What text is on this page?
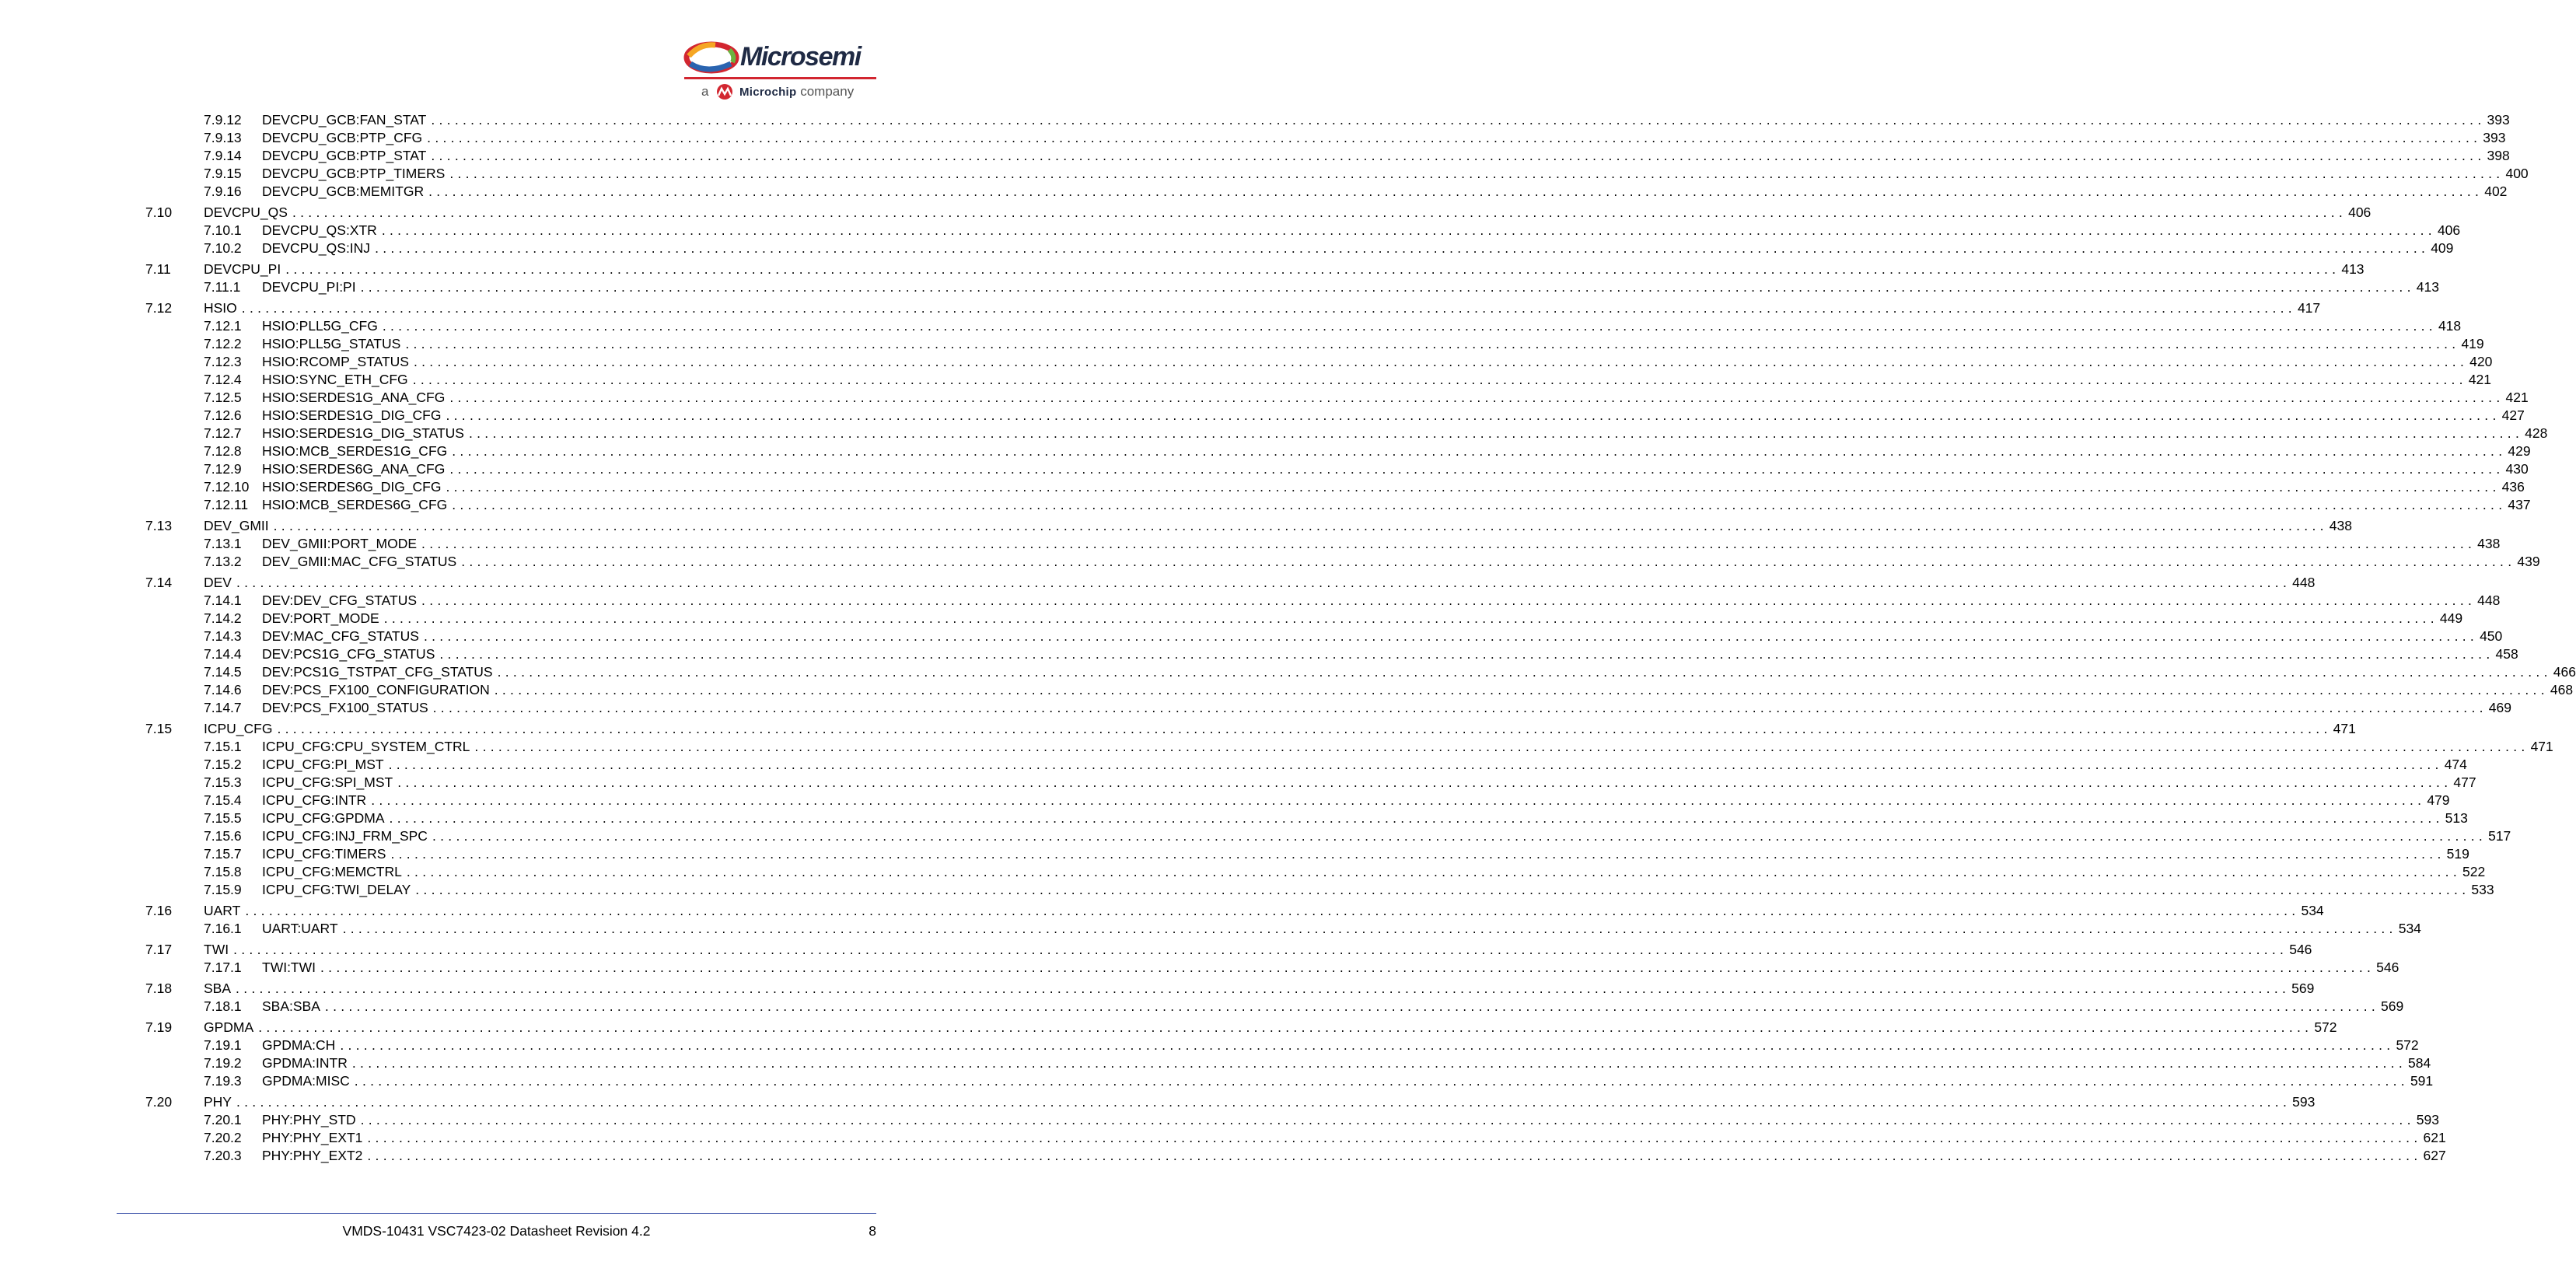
Microsemi
a	Microchip company
7.9.12 DEVCPU_GCB:FAN_STAT .................................................................................................................................................................................................................................................................... 393
7.9.13 DEVCPU_GCB:PTP_CFG .................................................................................................................................................................................................................................................................... 393
7.9.14 DEVCPU_GCB:PTP_STAT .................................................................................................................................................................................................................................................................... 398
7.9.15 DEVCPU_GCB:PTP_TIMERS .................................................................................................................................................................................................................................................................... 400
7.9.16 DEVCPU_GCB:MEMITGR .................................................................................................................................................................................................................................................................... 402
7.10 DEVCPU_QS .................................................................................................................................................................................................................................................................... 406
7.10.1 DEVCPU_QS:XTR .................................................................................................................................................................................................................................................................... 406
7.10.2 DEVCPU_QS:INJ .................................................................................................................................................................................................................................................................... 409
7.11 DEVCPU_PI .................................................................................................................................................................................................................................................................... 413
7.11.1 DEVCPU_PI:PI .................................................................................................................................................................................................................................................................... 413
7.12 HSIO .................................................................................................................................................................................................................................................................... 417
7.12.1 HSIO:PLL5G_CFG .................................................................................................................................................................................................................................................................... 418
7.12.2 HSIO:PLL5G_STATUS .................................................................................................................................................................................................................................................................... 419
7.12.3 HSIO:RCOMP_STATUS .................................................................................................................................................................................................................................................................... 420
7.12.4 HSIO:SYNC_ETH_CFG .................................................................................................................................................................................................................................................................... 421
7.12.5 HSIO:SERDES1G_ANA_CFG .................................................................................................................................................................................................................................................................... 421
7.12.6 HSIO:SERDES1G_DIG_CFG .................................................................................................................................................................................................................................................................... 427
7.12.7 HSIO:SERDES1G_DIG_STATUS .................................................................................................................................................................................................................................................................... 428
7.12.8 HSIO:MCB_SERDES1G_CFG .................................................................................................................................................................................................................................................................... 429
7.12.9 HSIO:SERDES6G_ANA_CFG .................................................................................................................................................................................................................................................................... 430
7.12.10 HSIO:SERDES6G_DIG_CFG .................................................................................................................................................................................................................................................................... 436
7.12.11 HSIO:MCB_SERDES6G_CFG .................................................................................................................................................................................................................................................................... 437
7.13 DEV_GMII .................................................................................................................................................................................................................................................................... 438
7.13.1 DEV_GMII:PORT_MODE .................................................................................................................................................................................................................................................................... 438
7.13.2 DEV_GMII:MAC_CFG_STATUS .................................................................................................................................................................................................................................................................... 439
7.14 DEV .................................................................................................................................................................................................................................................................... 448
7.14.1 DEV:DEV_CFG_STATUS .................................................................................................................................................................................................................................................................... 448
7.14.2 DEV:PORT_MODE .................................................................................................................................................................................................................................................................... 449
7.14.3 DEV:MAC_CFG_STATUS .................................................................................................................................................................................................................................................................... 450
7.14.4 DEV:PCS1G_CFG_STATUS .................................................................................................................................................................................................................................................................... 458
7.14.5 DEV:PCS1G_TSTPAT_CFG_STATUS .................................................................................................................................................................................................................................................................... 466
7.14.6 DEV:PCS_FX100_CONFIGURATION .................................................................................................................................................................................................................................................................... 468
7.14.7 DEV:PCS_FX100_STATUS .................................................................................................................................................................................................................................................................... 469
7.15 ICPU_CFG .................................................................................................................................................................................................................................................................... 471
7.15.1 ICPU_CFG:CPU_SYSTEM_CTRL .................................................................................................................................................................................................................................................................... 471
7.15.2 ICPU_CFG:PI_MST .................................................................................................................................................................................................................................................................... 474
7.15.3 ICPU_CFG:SPI_MST .................................................................................................................................................................................................................................................................... 477
7.15.4 ICPU_CFG:INTR .................................................................................................................................................................................................................................................................... 479
7.15.5 ICPU_CFG:GPDMA .................................................................................................................................................................................................................................................................... 513
7.15.6 ICPU_CFG:INJ_FRM_SPC .................................................................................................................................................................................................................................................................... 517
7.15.7 ICPU_CFG:TIMERS .................................................................................................................................................................................................................................................................... 519
7.15.8 ICPU_CFG:MEMCTRL .................................................................................................................................................................................................................................................................... 522
7.15.9 ICPU_CFG:TWI_DELAY .................................................................................................................................................................................................................................................................... 533
7.16 UART .................................................................................................................................................................................................................................................................... 534
7.16.1 UART:UART .................................................................................................................................................................................................................................................................... 534
7.17 TWI .................................................................................................................................................................................................................................................................... 546
7.17.1 TWI:TWI .................................................................................................................................................................................................................................................................... 546
7.18 SBA .................................................................................................................................................................................................................................................................... 569
7.18.1 SBA:SBA .................................................................................................................................................................................................................................................................... 569
7.19 GPDMA .................................................................................................................................................................................................................................................................... 572
7.19.1 GPDMA:CH .................................................................................................................................................................................................................................................................... 572
7.19.2 GPDMA:INTR .................................................................................................................................................................................................................................................................... 584
7.19.3 GPDMA:MISC .................................................................................................................................................................................................................................................................... 591
7.20 PHY .................................................................................................................................................................................................................................................................... 593
7.20.1 PHY:PHY_STD .................................................................................................................................................................................................................................................................... 593
7.20.2 PHY:PHY_EXT1 .................................................................................................................................................................................................................................................................... 621
7.20.3 PHY:PHY_EXT2 .................................................................................................................................................................................................................................................................... 627
VMDS-10431 VSC7423-02 Datasheet Revision 4.2	8
